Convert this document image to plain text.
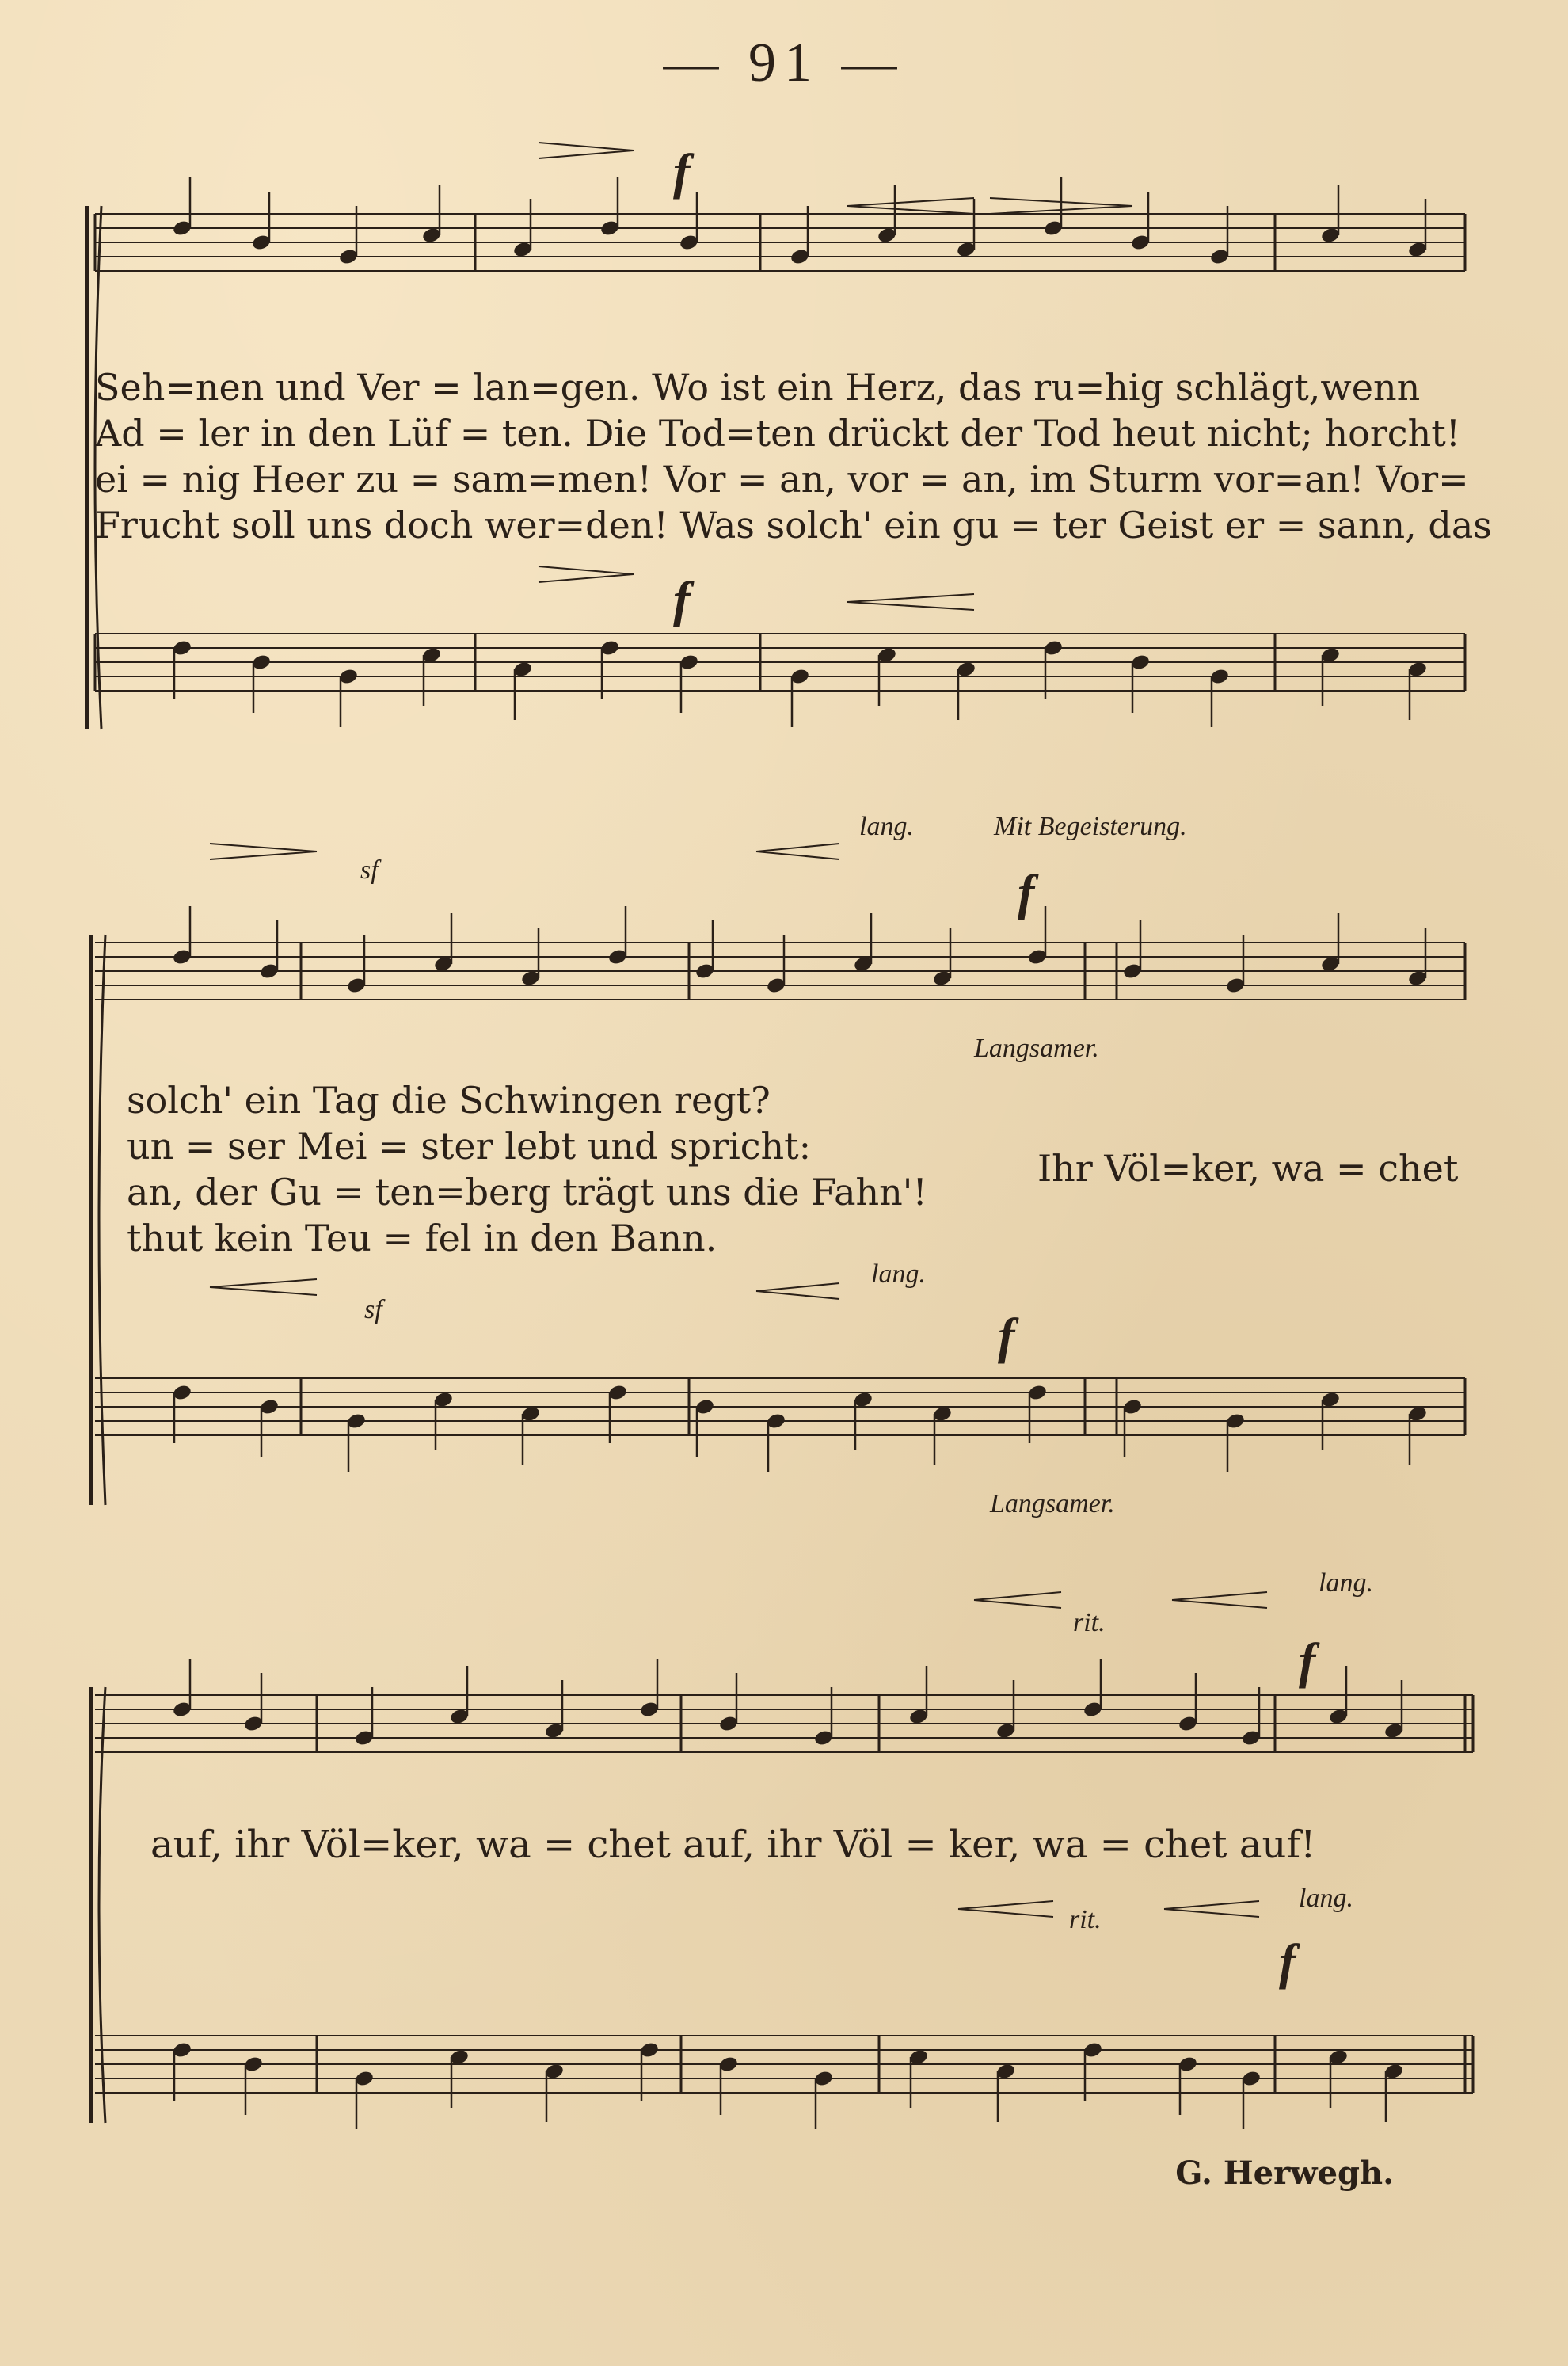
— 91 —
Seh=nen und Ver = lan=gen. Wo ist ein Herz, das ru=hig schlägt,wenn
Ad = ler in den Lüf = ten. Die Tod=ten drückt der Tod heut nicht; horcht!
ei = nig Heer zu = sam=men! Vor = an, vor = an, im Sturm vor=an! Vor=
Frucht soll uns doch wer=den! Was solch' ein gu = ter Geist er = sann, das
f
f
lang.	Mit Begeisterung.
sf	f
Langsamer.
solch' ein Tag die Schwingen regt?
un = ser Mei = ster lebt und spricht:
an, der Gu = ten=berg trägt uns die Fahn'!
thut kein Teu = fel in den Bann.
Ihr Völ=ker, wa = chet
lang.
sf	f
Langsamer.
lang.
rit.
f
auf, ihr Völ=ker, wa = chet auf, ihr Völ = ker, wa = chet auf!
lang.
rit.
f
G. Herwegh.
